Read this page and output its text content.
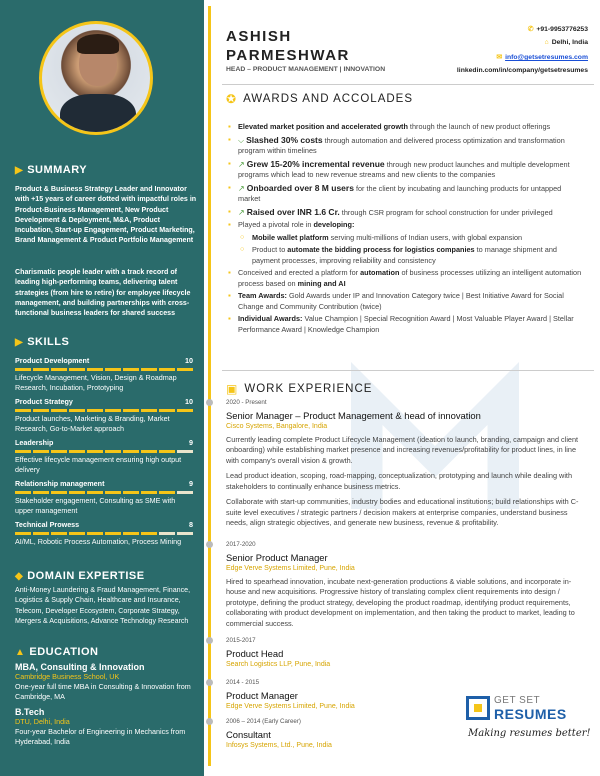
▶ SUMMARY
Product & Business Strategy Leader and Innovator with +15 years of career dotted with impactful roles in Product-Business Management, New Product Development & Deployment, M&A, Product Incubation, Start-up Engagement, Product Marketing, Brand Management & Product Portfolio Management
Charismatic people leader with a track record of leading high-performing teams, delivering talent strategies (from hire to retire) for employee lifecycle management, and building partnerships with cross-functional business leaders for shared success
▶ SKILLS
Product Development	10
Lifecycle Management, Vision, Design & Roadmap Research, Incubation, Prototyping
Product Strategy	10
Product launches, Marketing & Branding, Market Research, Go-to-Market approach
Leadership	9
Effective lifecycle management ensuring high output delivery
Relationship management	9
Stakeholder engagement, Consulting as SME with upper management
Technical Prowess	8
AI/ML, Robotic Process Automation, Process Mining
◆ DOMAIN EXPERTISE
Anti-Money Laundering & Fraud Management, Finance, Logistics & Supply Chain, Healthcare and Insurance, Telecom, Developer Ecosystem, Corporate Strategy, Mergers & Acquisitions, Advance Technology Research
▲ EDUCATION
MBA, Consulting & Innovation
Cambridge Business School, UK
One-year full time MBA in Consulting & Innovation from Cambridge, MA
B.Tech
DTU, Delhi, India
Four-year Bachelor of Engineering in Mechanics from Hyderabad, India
ASHISH
PARMESHWAR
HEAD – PRODUCT MANAGEMENT | INNOVATION
✆ +91-9953776253
⌂ Delhi, India
✉ info@getsetresumes.com
linkedin.com/in/company/getsetresumes
✪ AWARDS AND ACCOLADES
▪ Elevated market position and accelerated growth through the launch of new product offerings
▪ ⌵ Slashed 30% costs through automation and delivered process optimization and transformation program within timelines
▪ ↗ Grew 15-20% incremental revenue through new product launches and multiple development programs which lead to new revenue streams and new clients to the companies
▪ ↗ Onboarded over 8 M users for the client by incubating and launching products for untapped market
▪ ↗ Raised over INR 1.6 Cr. through CSR program for school construction for under privileged
▪ Played a pivotal role in developing:
○ Mobile wallet platform serving multi-millions of Indian users, with global expansion
○ Product to automate the bidding process for logistics companies to manage shipment and payment processes, improving reliability and consistency
▪ Conceived and erected a platform for automation of business processes utilizing an intelligent automation process based on mining and AI
▪ Team Awards: Gold Awards under IP and Innovation Category twice | Best Initiative Award for Social Change and Community Contribution (twice)
▪ Individual Awards: Value Champion | Special Recognition Award | Most Valuable Player Award | Stellar Performance Award | Knowledge Champion
▣ WORK EXPERIENCE
2020 - Present
Senior Manager – Product Management & head of innovation
Cisco Systems, Bangalore, India

Currently leading complete Product Lifecycle Management (ideation to launch, branding, campaign and client onboarding) while establishing market presence and increasing revenues/profitability for product lines, in line with company's overall vision & growth.

Lead product ideation, scoping, road-mapping, conceptualization, prototyping and launch while dealing with stakeholders to continually enhance business metrics.

Collaborate with start-up communities, industry bodies and educational institutions; build relationships with C-suite level executives / strategic partners / decision makers at enterprise companies, understand business needs, align strategic objectives, and generate new business, revenue & profitability.

2017-2020
Senior Product Manager
Edge Verve Systems Limited, Pune, India

Hired to spearhead innovation, incubate next-generation productions & viable solutions, and incorporate in-house and new acquisitions. Progressive history of translating complex client requirements into design / prototype, defining the product strategy, developing the product roadmap, identifying product requirements, collaborating with product development on implementation, and then taking the product to market, leading to commercial success.

2015-2017
Product Head
Search Logistics LLP, Pune, India
2014 - 2015
Product Manager
Edge Verve Systems Limited, Pune, India
2006 – 2014 (Early Career)
Consultant
Infosys Systems, Ltd., Pune, India
GET SET
RESUMES
Making resumes better!
